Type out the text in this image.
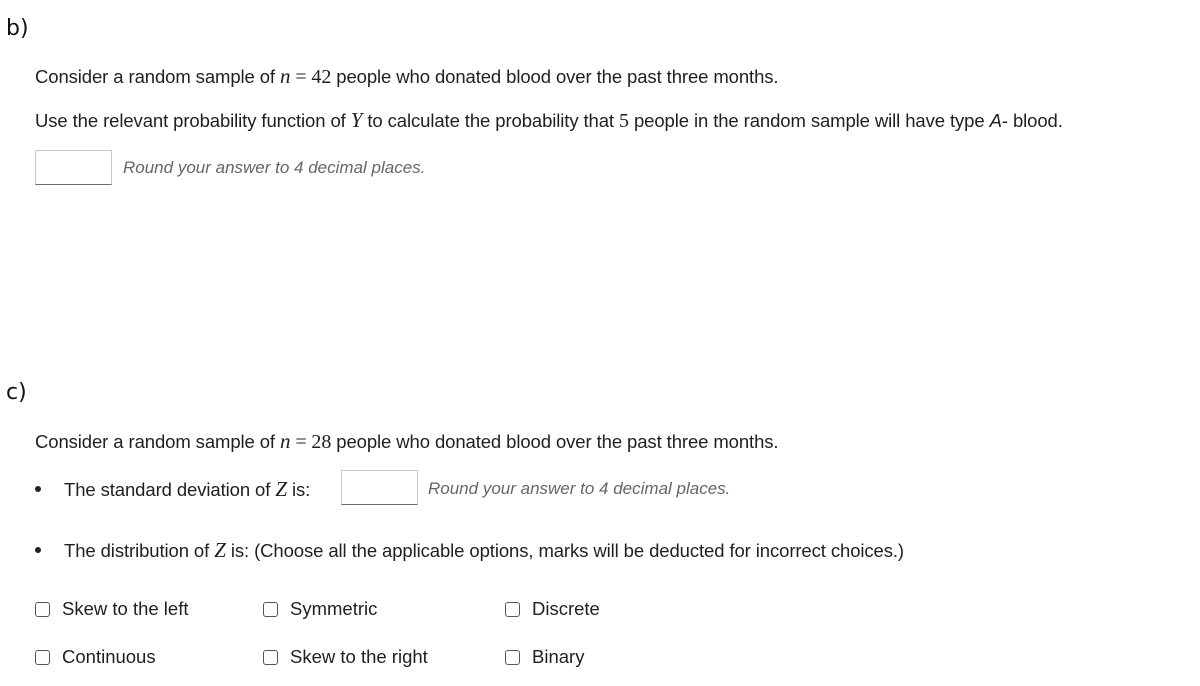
b)
Consider a random sample of n = 42 people who donated blood over the past three months.
Use the relevant probability function of Y to calculate the probability that 5 people in the random sample will have type A- blood.
Round your answer to 4 decimal places.
c)
Consider a random sample of n = 28 people who donated blood over the past three months.
The standard deviation of Z is:	Round your answer to 4 decimal places.
The distribution of Z is: (Choose all the applicable options, marks will be deducted for incorrect choices.)
Skew to the left	Symmetric	Discrete
Continuous	Skew to the right	Binary
